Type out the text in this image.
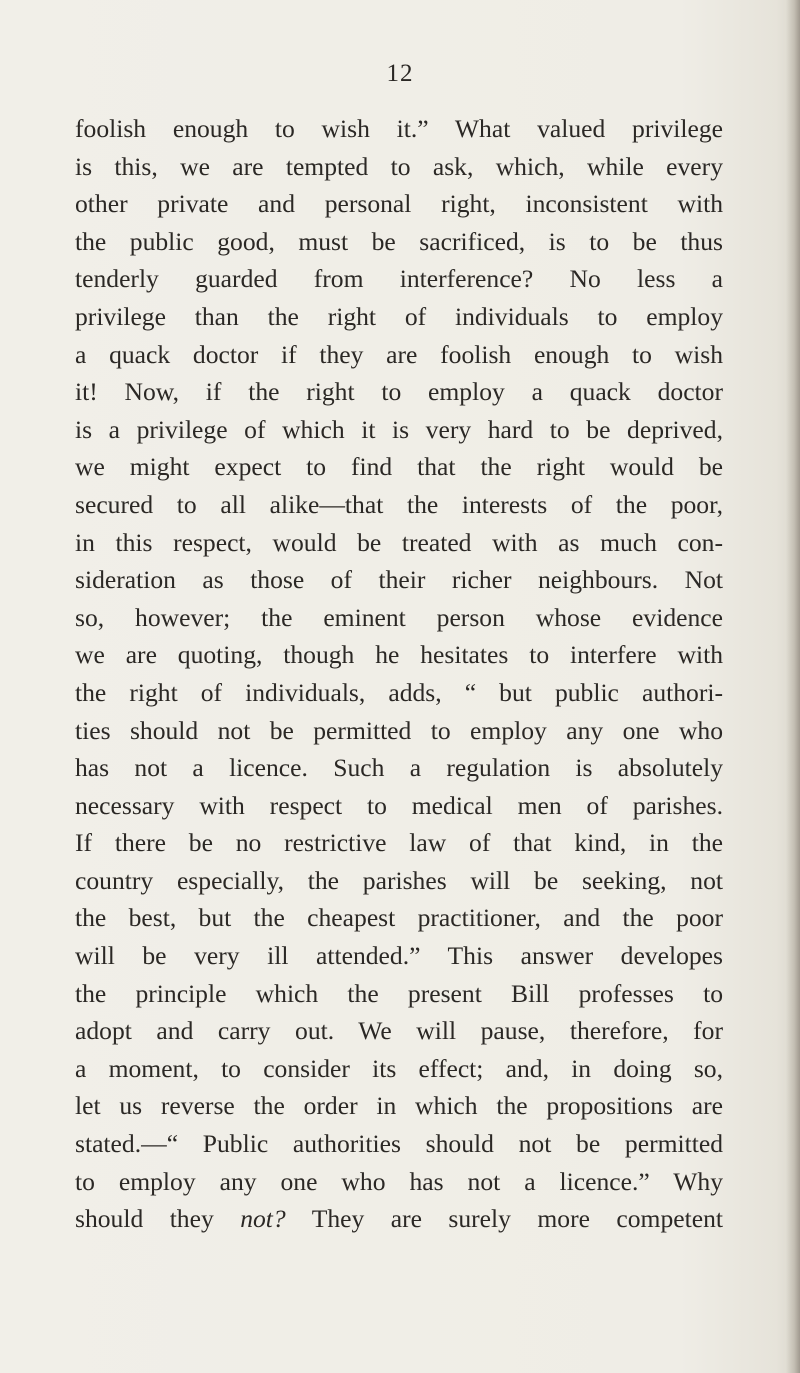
12
foolish enough to wish it.” What valued privilege
is this, we are tempted to ask, which, while every
other private and personal right, inconsistent with
the public good, must be sacrificed, is to be thus
tenderly guarded from interference? No less a
privilege than the right of individuals to employ
a quack doctor if they are foolish enough to wish
it! Now, if the right to employ a quack doctor
is a privilege of which it is very hard to be deprived,
we might expect to find that the right would be
secured to all alike—that the interests of the poor,
in this respect, would be treated with as much con-
sideration as those of their richer neighbours. Not
so, however; the eminent person whose evidence
we are quoting, though he hesitates to interfere with
the right of individuals, adds, “ but public authori-
ties should not be permitted to employ any one who
has not a licence. Such a regulation is absolutely
necessary with respect to medical men of parishes.
If there be no restrictive law of that kind, in the
country especially, the parishes will be seeking, not
the best, but the cheapest practitioner, and the poor
will be very ill attended.” This answer developes
the principle which the present Bill professes to
adopt and carry out. We will pause, therefore, for
a moment, to consider its effect; and, in doing so,
let us reverse the order in which the propositions are
stated.—“ Public authorities should not be permitted
to employ any one who has not a licence.” Why
should they not? They are surely more competent
